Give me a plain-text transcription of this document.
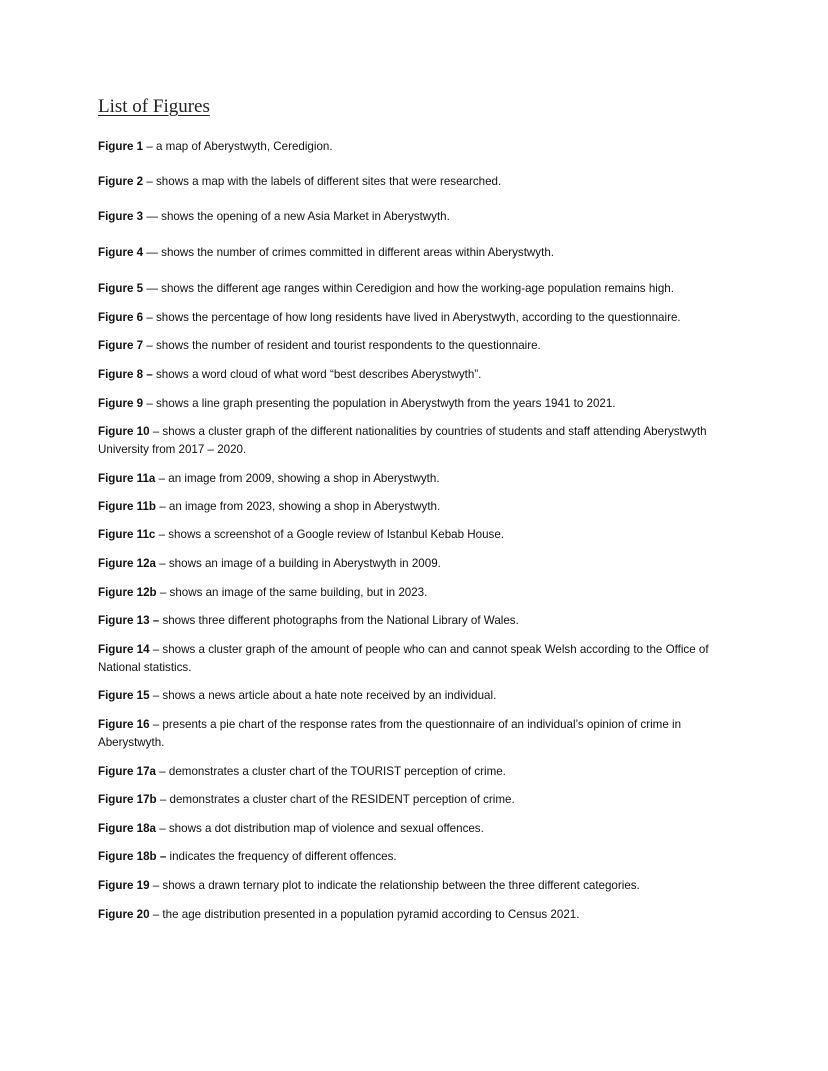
List of Figures
Figure 1 – a map of Aberystwyth, Ceredigion.
Figure 2 – shows a map with the labels of different sites that were researched.
Figure 3 — shows the opening of a new Asia Market in Aberystwyth.
Figure 4 — shows the number of crimes committed in different areas within Aberystwyth.
Figure 5 — shows the different age ranges within Ceredigion and how the working-age population remains high.
Figure 6 – shows the percentage of how long residents have lived in Aberystwyth, according to the questionnaire.
Figure 7 – shows the number of resident and tourist respondents to the questionnaire.
Figure 8 – shows a word cloud of what word “best describes Aberystwyth”.
Figure 9 – shows a line graph presenting the population in Aberystwyth from the years 1941 to 2021.
Figure 10 – shows a cluster graph of the different nationalities by countries of students and staff attending Aberystwyth University from 2017 – 2020.
Figure 11a – an image from 2009, showing a shop in Aberystwyth.
Figure 11b – an image from 2023, showing a shop in Aberystwyth.
Figure 11c – shows a screenshot of a Google review of Istanbul Kebab House.
Figure 12a – shows an image of a building in Aberystwyth in 2009.
Figure 12b – shows an image of the same building, but in 2023.
Figure 13 – shows three different photographs from the National Library of Wales.
Figure 14 – shows a cluster graph of the amount of people who can and cannot speak Welsh according to the Office of National statistics.
Figure 15 – shows a news article about a hate note received by an individual.
Figure 16 – presents a pie chart of the response rates from the questionnaire of an individual’s opinion of crime in Aberystwyth.
Figure 17a – demonstrates a cluster chart of the TOURIST perception of crime.
Figure 17b – demonstrates a cluster chart of the RESIDENT perception of crime.
Figure 18a – shows a dot distribution map of violence and sexual offences.
Figure 18b – indicates the frequency of different offences.
Figure 19 – shows a drawn ternary plot to indicate the relationship between the three different categories.
Figure 20 – the age distribution presented in a population pyramid according to Census 2021.
